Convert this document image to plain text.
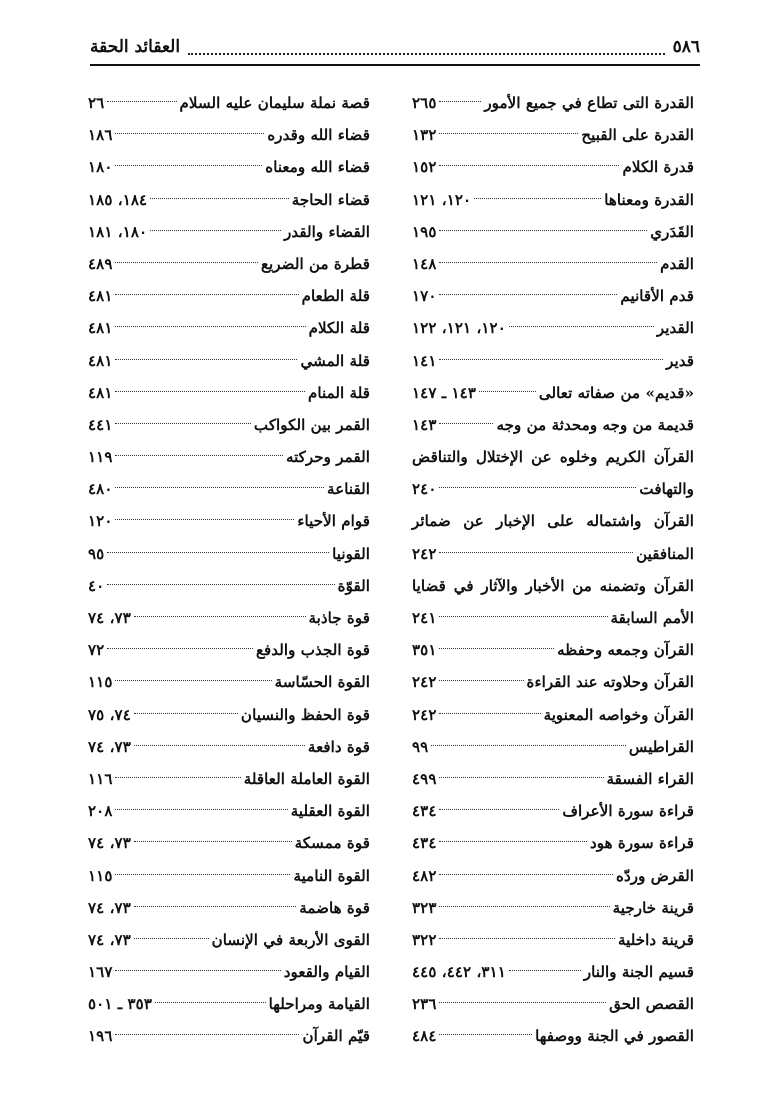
٥٨٦
العقائد الحقة
القدرة التى تطاع في جميع الأمور
٢٦٥
القدرة على القبيح
١٣٢
قدرة الكلام
١٥٢
القدرة ومعناها
١٢٠، ١٢١
القَدَري
١٩٥
القدم
١٤٨
قدم الأقانيم
١٧٠
القدير
١٢٠، ١٢١، ١٢٢
قدير
١٤١
«قديم» من صفاته تعالى
١٤٣ ـ ١٤٧
قديمة من وجه ومحدثة من وجه
١٤٣
القرآن الكريم وخلوه عن الإختلال والتناقض
والتهافت
٢٤٠
القرآن واشتماله على الإخبار عن ضمائر
المنافقين
٢٤٢
القرآن وتضمنه من الأخبار والآثار في قضايا
الأمم السابقة
٢٤١
القرآن وجمعه وحفظه
٣٥١
القرآن وحلاوته عند القراءة
٢٤٢
القرآن وخواصه المعنوية
٢٤٢
القراطيس
٩٩
القراء الفسقة
٤٩٩
قراءة سورة الأعراف
٤٣٤
قراءة سورة هود
٤٣٤
القرض وردّه
٤٨٢
قرينة خارجية
٣٢٣
قرينة داخلية
٣٢٢
قسيم الجنة والنار
٣١١، ٤٤٢، ٤٤٥
القصص الحق
٢٣٦
القصور في الجنة ووصفها
٤٨٤
قصة نملة سليمان عليه السلام
٢٦
قضاء الله وقدره
١٨٦
قضاء الله ومعناه
١٨٠
قضاء الحاجة
١٨٤، ١٨٥
القضاء والقدر
١٨٠، ١٨١
قطرة من الضريع
٤٨٩
قلة الطعام
٤٨١
قلة الكلام
٤٨١
قلة المشي
٤٨١
قلة المنام
٤٨١
القمر بين الكواكب
٤٤١
القمر وحركته
١١٩
القناعة
٤٨٠
قوام الأحياء
١٢٠
القونيا
٩٥
القوّة
٤٠
قوة جاذبة
٧٣، ٧٤
قوة الجذب والدفع
٧٢
القوة الحسّاسة
١١٥
قوة الحفظ والنسيان
٧٤، ٧٥
قوة دافعة
٧٣، ٧٤
القوة العاملة العاقلة
١١٦
القوة العقلية
٢٠٨
قوة ممسكة
٧٣، ٧٤
القوة النامية
١١٥
قوة هاضمة
٧٣، ٧٤
القوى الأربعة في الإنسان
٧٣، ٧٤
القيام والقعود
١٦٧
القيامة ومراحلها
٣٥٣ ـ ٥٠١
قيّم القرآن
١٩٦
